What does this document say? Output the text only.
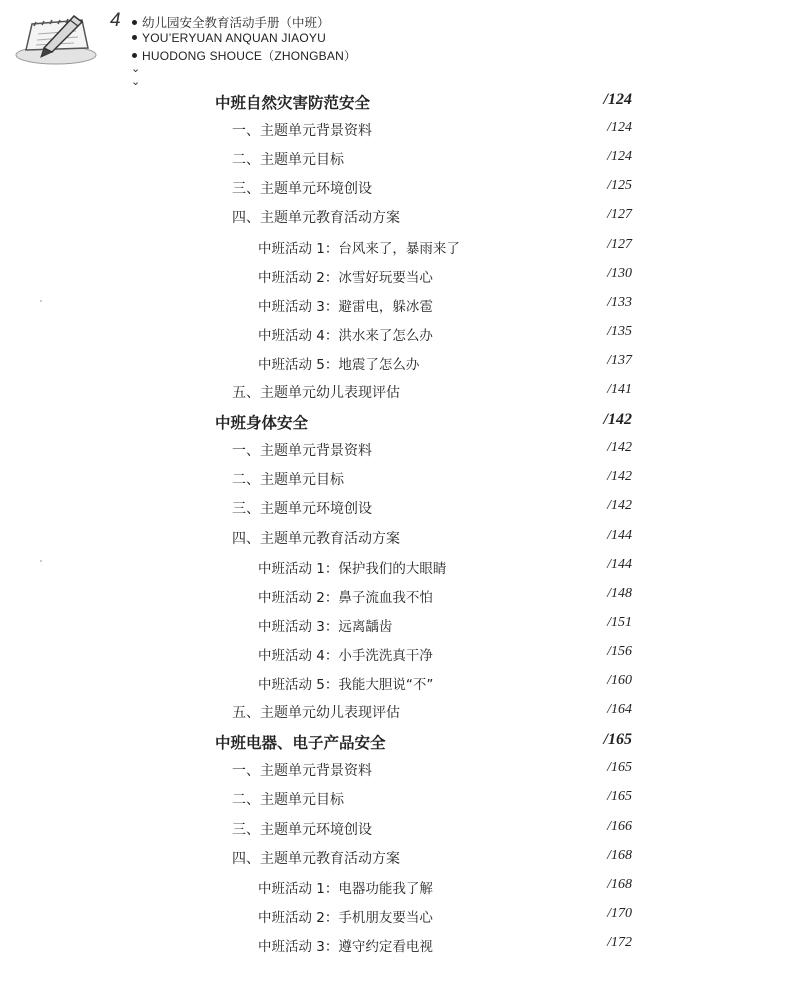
4	幼儿园安全教育活动手册（中班）
YOU’ERYUAN ANQUAN JIAOYU
HUODONG SHOUCE（ZHONGBAN）
⌄
⌄
中班自然灾害防范安全	/124
一、主题单元背景资料	/124
二、主题单元目标	/124
三、主题单元环境创设	/125
四、主题单元教育活动方案	/127
中班活动 1：台风来了，暴雨来了	/127
中班活动 2：冰雪好玩要当心	/130
中班活动 3：避雷电，躲冰雹	/133
中班活动 4：洪水来了怎么办	/135
中班活动 5：地震了怎么办	/137
五、主题单元幼儿表现评估	/141
中班身体安全	/142
一、主题单元背景资料	/142
二、主题单元目标	/142
三、主题单元环境创设	/142
四、主题单元教育活动方案	/144
中班活动 1：保护我们的大眼睛	/144
中班活动 2：鼻子流血我不怕	/148
中班活动 3：远离龋齿	/151
中班活动 4：小手洗洗真干净	/156
中班活动 5：我能大胆说“不”	/160
五、主题单元幼儿表现评估	/164
中班电器、电子产品安全	/165
一、主题单元背景资料	/165
二、主题单元目标	/165
三、主题单元环境创设	/166
四、主题单元教育活动方案	/168
中班活动 1：电器功能我了解	/168
中班活动 2：手机朋友要当心	/170
中班活动 3：遵守约定看电视	/172
